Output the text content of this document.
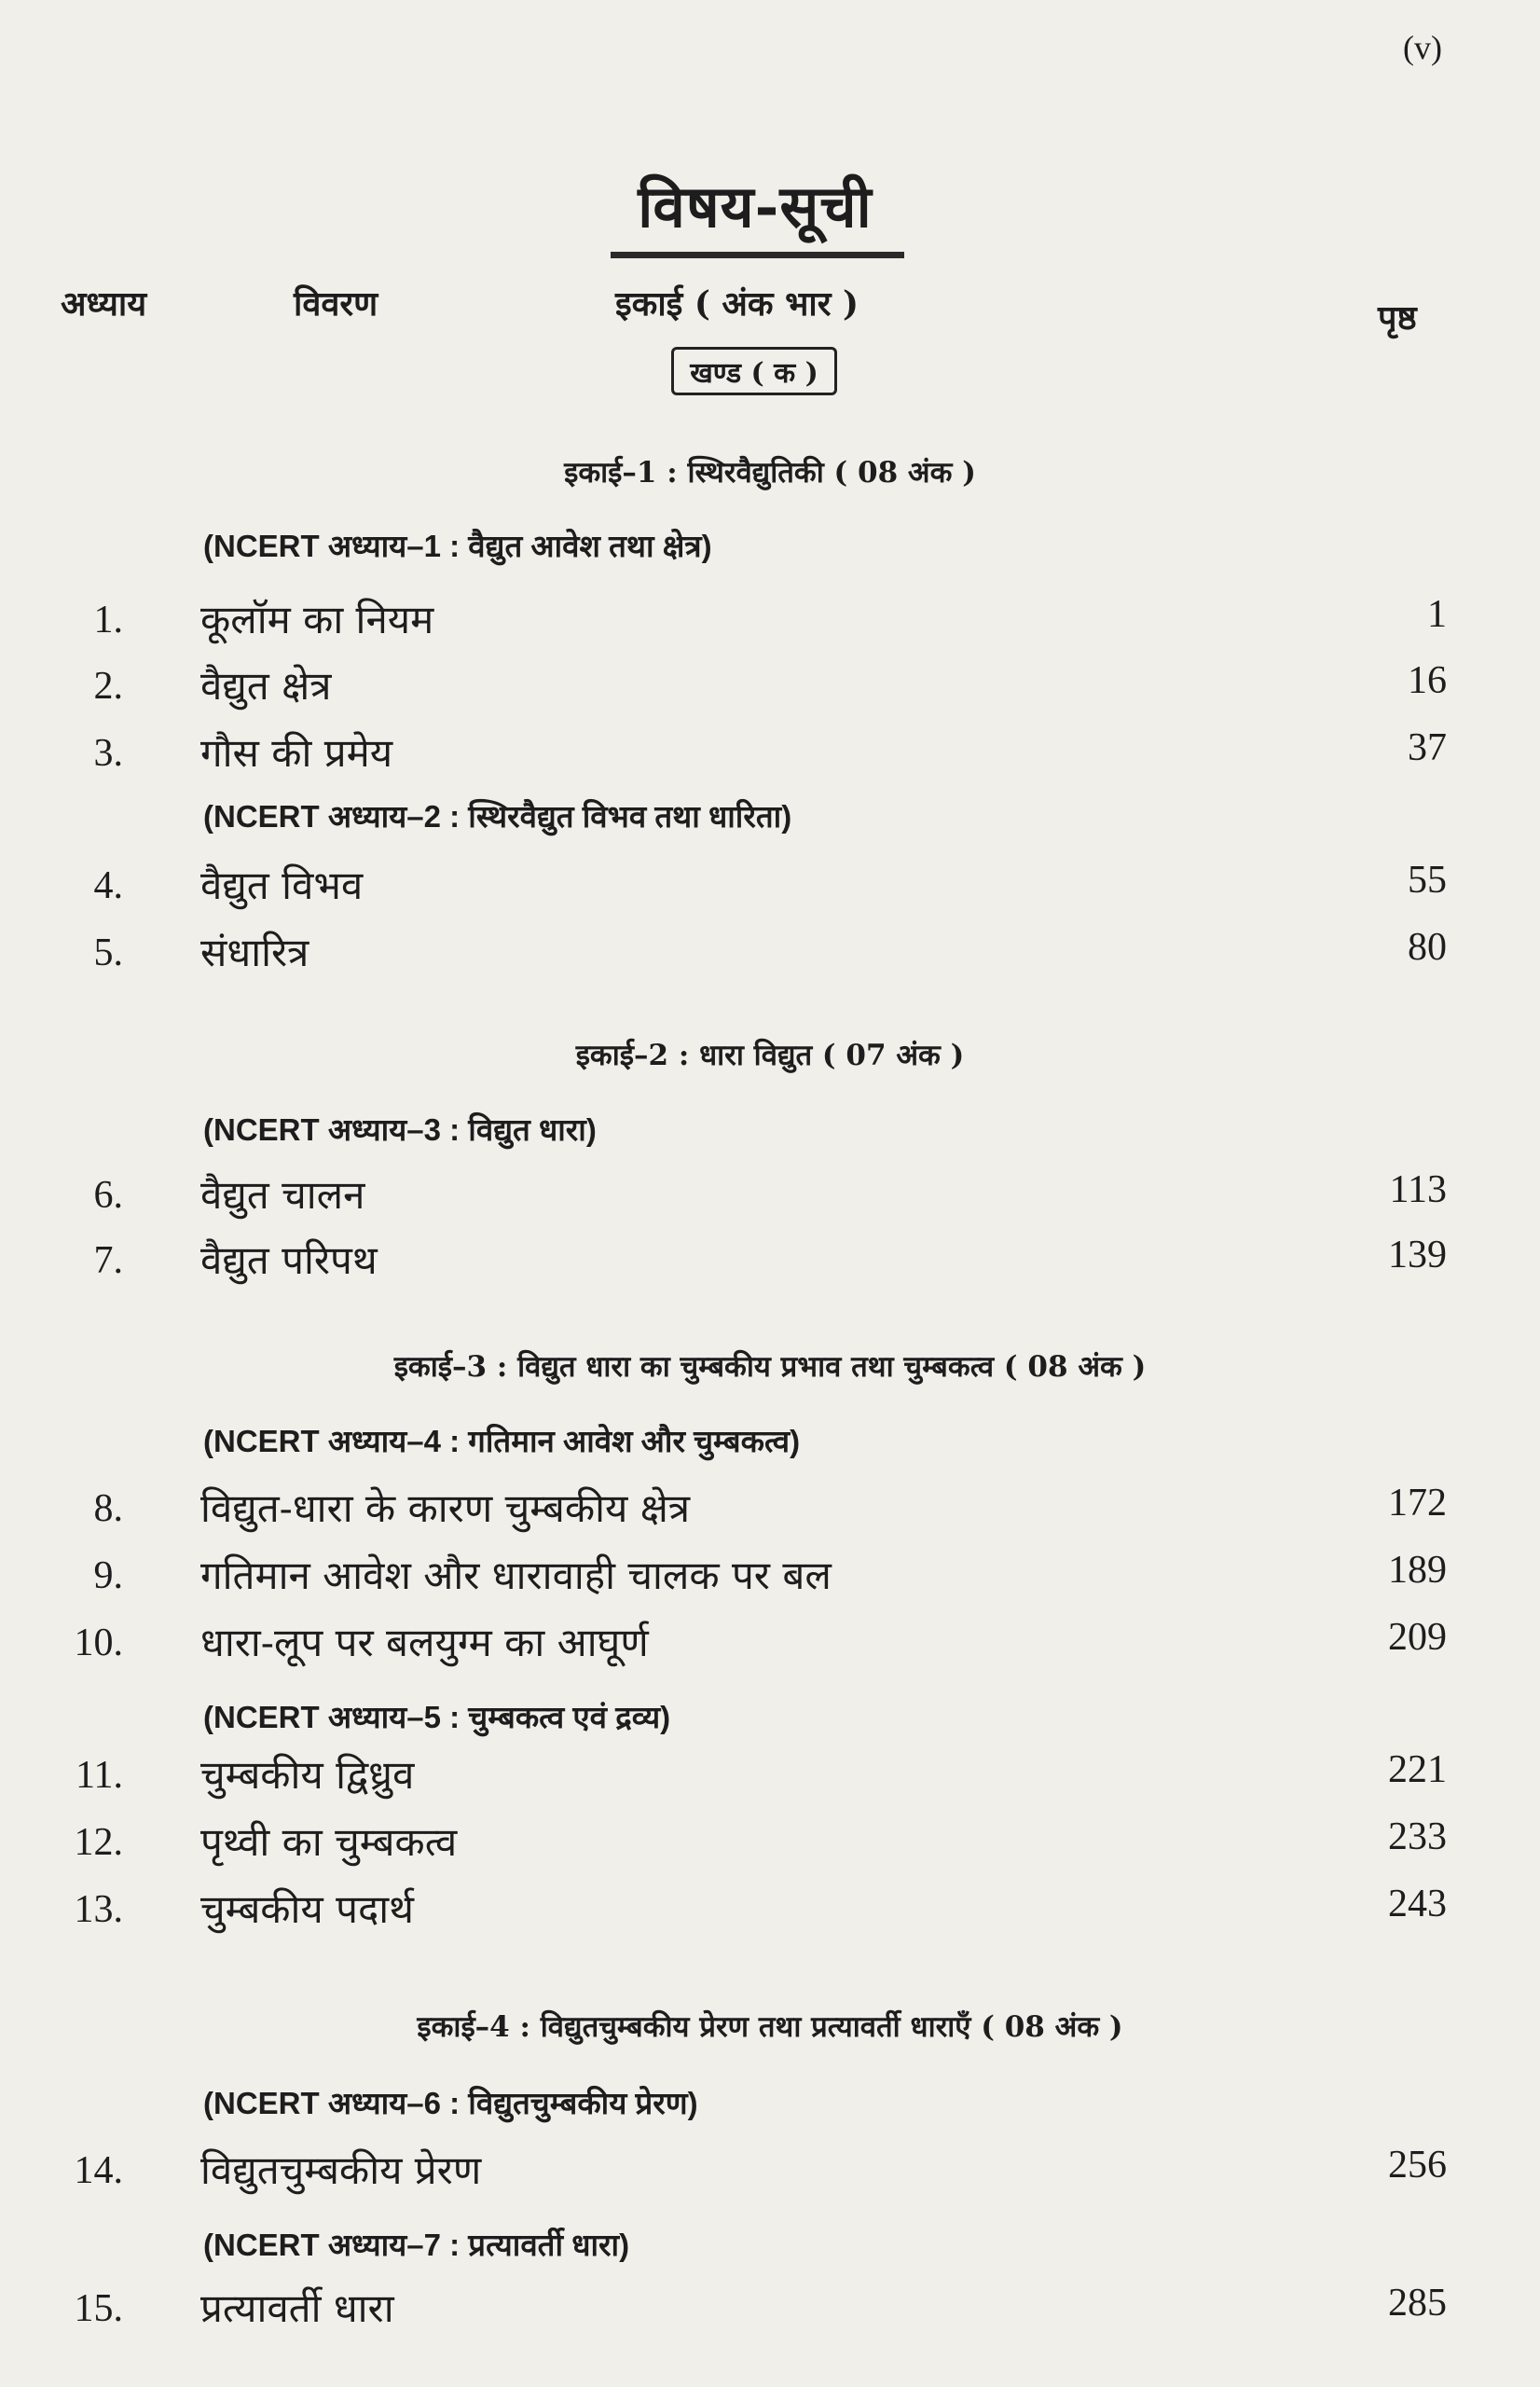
(v)
विषय-सूची
अध्याय	विवरण	इकाई ( अंक भार )	पृष्ठ
खण्ड ( क )
इकाई–1 : स्थिरवैद्युतिकी ( 08 अंक )
(NCERT अध्याय–1 : वैद्युत आवेश तथा क्षेत्र)
1. कूलॉम का नियम	1
2. वैद्युत क्षेत्र	16
3. गौस की प्रमेय	37
(NCERT अध्याय–2 : स्थिरवैद्युत विभव तथा धारिता)
4. वैद्युत विभव	55
5. संधारित्र	80
इकाई–2 : धारा विद्युत ( 07 अंक )
(NCERT अध्याय–3 : विद्युत धारा)
6. वैद्युत चालन	113
7. वैद्युत परिपथ	139
इकाई–3 : विद्युत धारा का चुम्बकीय प्रभाव तथा चुम्बकत्व ( 08 अंक )
(NCERT अध्याय–4 : गतिमान आवेश और चुम्बकत्व)
8. विद्युत-धारा के कारण चुम्बकीय क्षेत्र	172
9. गतिमान आवेश और धारावाही चालक पर बल	189
10. धारा-लूप पर बलयुग्म का आघूर्ण	209
(NCERT अध्याय–5 : चुम्बकत्व एवं द्रव्य)
11. चुम्बकीय द्विध्रुव	221
12. पृथ्वी का चुम्बकत्व	233
13. चुम्बकीय पदार्थ	243
इकाई–4 : विद्युतचुम्बकीय प्रेरण तथा प्रत्यावर्ती धाराएँ ( 08 अंक )
(NCERT अध्याय–6 : विद्युतचुम्बकीय प्रेरण)
14. विद्युतचुम्बकीय प्रेरण	256
(NCERT अध्याय–7 : प्रत्यावर्ती धारा)
15. प्रत्यावर्ती धारा	285
